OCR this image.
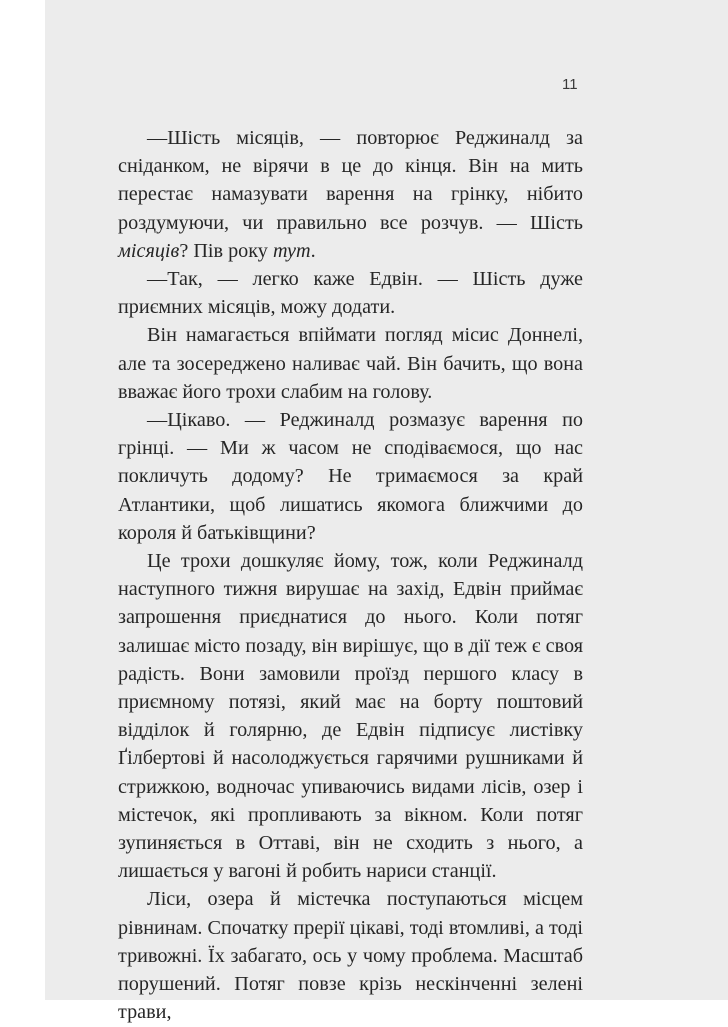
11

—Шість місяців, — повторює Реджиналд за сніданком, не вірячи в це до кінця. Він на мить перестає намазувати варення на грінку, нібито роздумуючи, чи правильно все розчув. — Шість місяців? Пів року тут.

—Так, — легко каже Едвін. — Шість дуже приємних місяців, можу додати.

Він намагається впіймати погляд місис Доннелі, але та зосереджено наливає чай. Він бачить, що вона вважає його трохи слабим на голову.

—Цікаво. — Реджиналд розмазує варення по грінці. — Ми ж часом не сподіваємося, що нас покличуть додому? Не тримаємося за край Атлантики, щоб лишатись якомога ближчими до короля й батьківщини?

Це трохи дошкуляє йому, тож, коли Реджиналд наступного тижня вирушає на захід, Едвін приймає запрошення приєднатися до нього. Коли потяг залишає місто позаду, він вирішує, що в дії теж є своя радість. Вони замовили проїзд першого класу в приємному потязі, який має на борту поштовий відділок й голярню, де Едвін підписує листівку Ґілбертові й насолоджується гарячими рушниками й стрижкою, водночас упиваючись видами лісів, озер і містечок, які пропливають за вікном. Коли потяг зупиняється в Оттаві, він не сходить з нього, а лишається у вагоні й робить нариси станції.

Ліси, озера й містечка поступаються місцем рівнинам. Спочатку прерії цікаві, тоді втомливі, а тоді тривожні. Їх забагато, ось у чому проблема. Масштаб порушений. Потяг повзе крізь нескінченні зелені трави,
